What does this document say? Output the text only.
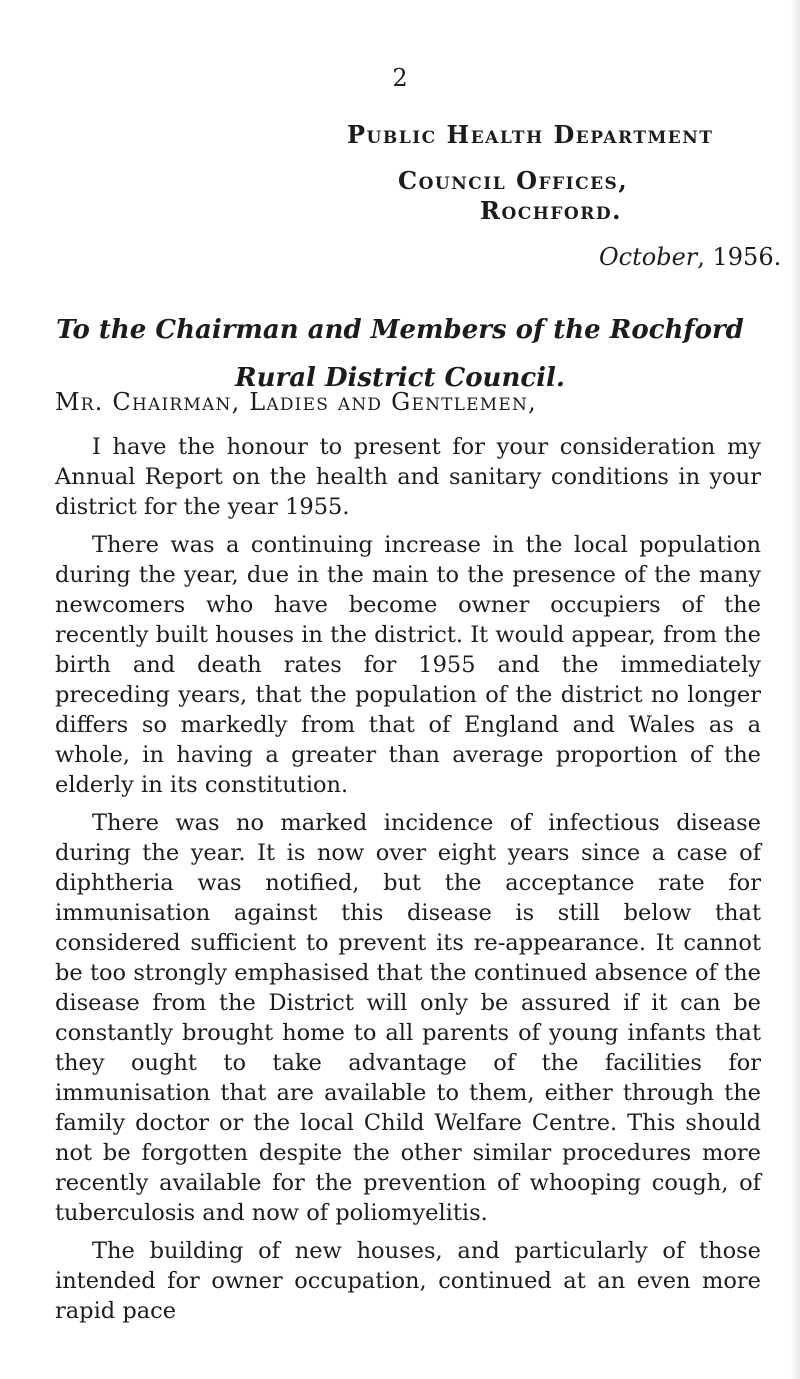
2
Public Health Department
Council Offices,
Rochford.
October, 1956.
To the Chairman and Members of the Rochford Rural District Council.
Mr. Chairman, Ladies and Gentlemen,

I have the honour to present for your consideration my Annual Report on the health and sanitary conditions in your district for the year 1955.

There was a continuing increase in the local population during the year, due in the main to the presence of the many newcomers who have become owner occupiers of the recently built houses in the district. It would appear, from the birth and death rates for 1955 and the immediately preceding years, that the population of the district no longer differs so markedly from that of England and Wales as a whole, in having a greater than average proportion of the elderly in its constitution.

There was no marked incidence of infectious disease during the year. It is now over eight years since a case of diphtheria was notified, but the acceptance rate for immunisation against this disease is still below that considered sufficient to prevent its re-appearance. It cannot be too strongly emphasised that the continued absence of the disease from the District will only be assured if it can be constantly brought home to all parents of young infants that they ought to take advantage of the facilities for immunisation that are available to them, either through the family doctor or the local Child Welfare Centre. This should not be forgotten despite the other similar procedures more recently available for the prevention of whooping cough, of tuberculosis and now of poliomyelitis.

The building of new houses, and particularly of those intended for owner occupation, continued at an even more rapid pace
